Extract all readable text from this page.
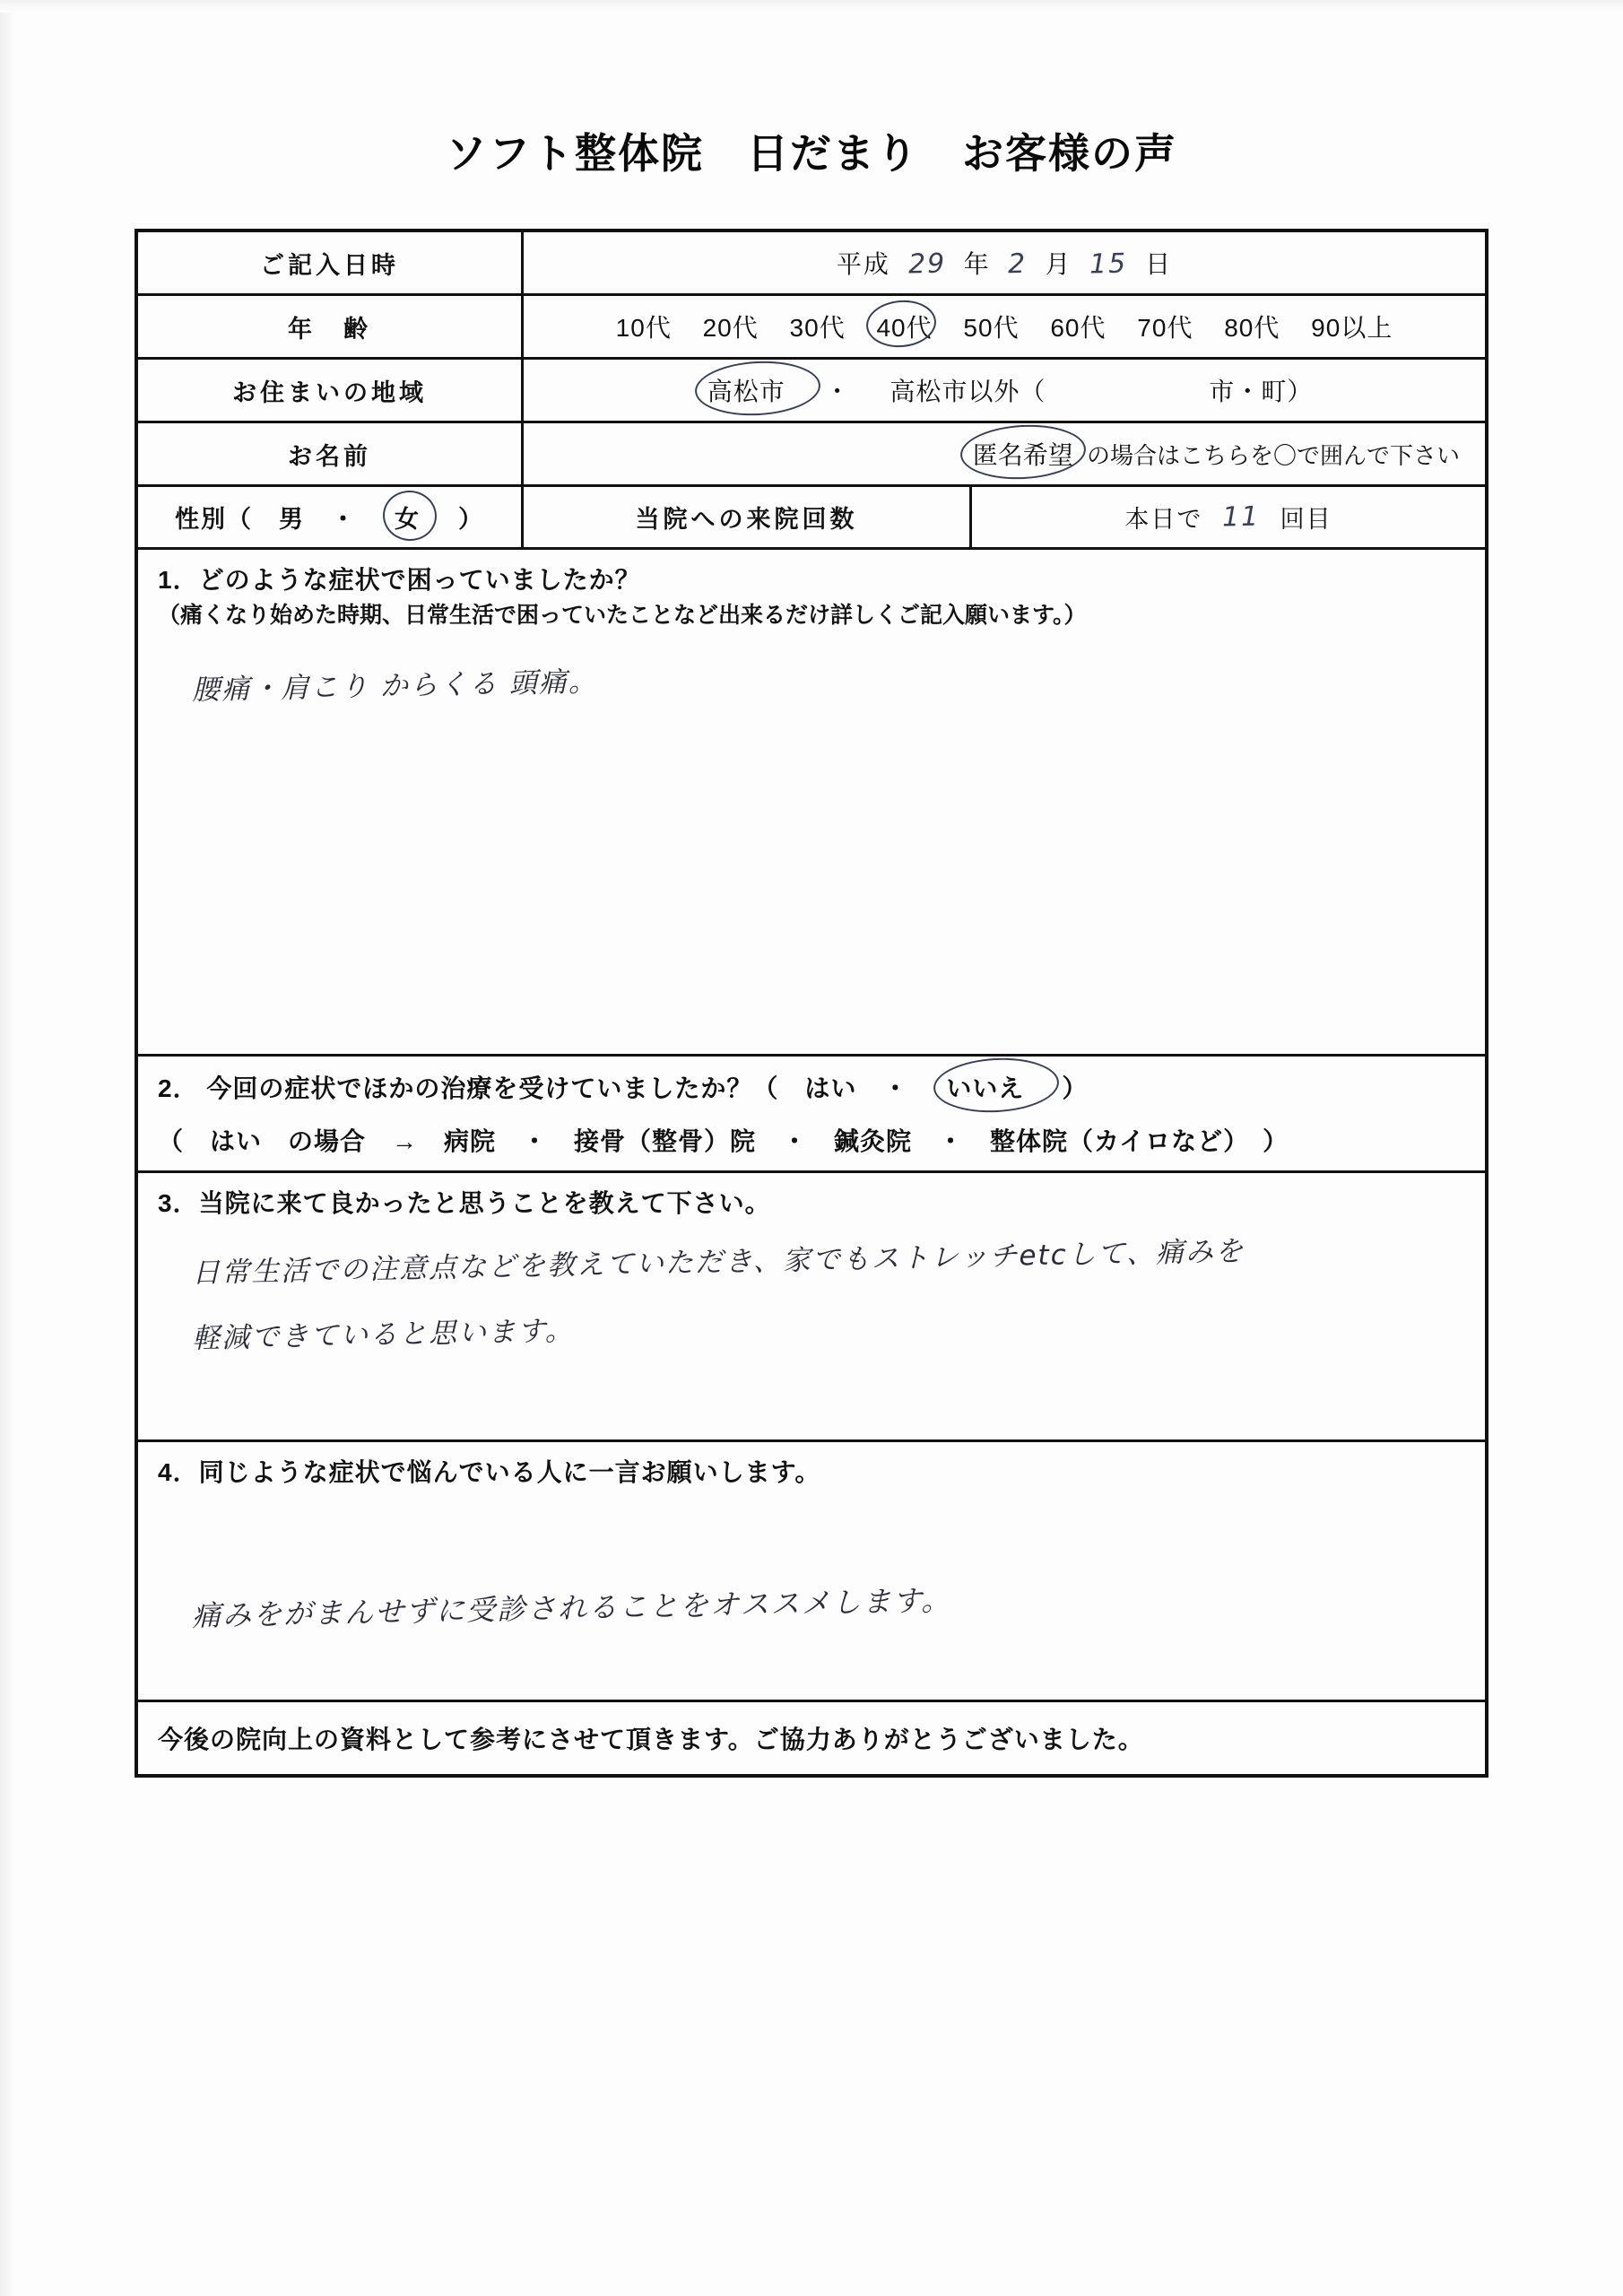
ソフト整体院　日だまり　お客様の声
ご記入日時	平成 29 年 2 月 15 日
年　齢	10代 20代 30代 40代 50代 60代 70代 80代 90以上
お住まいの地域	高松市 ・ 高松市以外（	市・町）
お名前	匿名希望 の場合はこちらを〇で囲んで下さい
性別（　男　・　女　）	当院への来院回数	本日で 11 回目
1．どのような症状で困っていましたか？
（痛くなり始めた時期、日常生活で困っていたことなど出来るだけ詳しくご記入願います。）
腰痛・肩こり からくる 頭痛。
2． 今回の症状でほかの治療を受けていましたか？（　はい　・　いいえ　）
（　はい　の場合　→　病院　・　接骨（整骨）院　・　鍼灸院　・　整体院（カイロなど）　）
3．当院に来て良かったと思うことを教えて下さい。
日常生活での注意点などを教えていただき、家でもストレッチetcして、痛みを
軽減できていると思います。
4．同じような症状で悩んでいる人に一言お願いします。
痛みをがまんせずに受診されることをオススメします。
今後の院向上の資料として参考にさせて頂きます。ご協力ありがとうございました。
